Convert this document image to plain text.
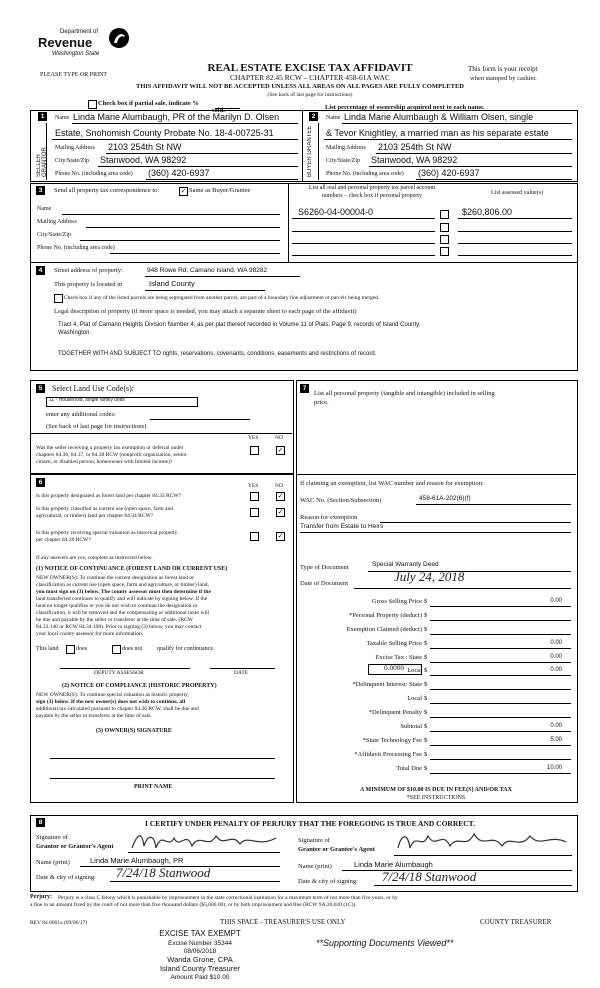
Department of
Revenue
Washington State
PLEASE TYPE OR PRINT
REAL ESTATE EXCISE TAX AFFIDAVIT
CHAPTER 82.45 RCW – CHAPTER 458-61A WAC
THIS AFFIDAVIT WILL NOT BE ACCEPTED UNLESS ALL AREAS ON ALL PAGES ARE FULLY COMPLETED
(See back of last page for instructions)
This form is your receipt
when stamped by cashier.
Check box if partial sale, indicate %
sold.	List percentage of ownership acquired next to each name.
1
SELLER GRANTOR
Name Linda Marie Alumbaugh, PR of the Marilyn D. Olsen
Estate, Snohomish County Probate No. 18-4-00725-31
Mailing Address 2103 254th St NW
City/State/Zip Stanwood, WA 98292
Phone No. (including area code) (360) 420-6937
2
BUYER GRANTEE
Name Linda Marie Alumbaugh & William Olsen, single
& Tevor Knightley, a married man as his separate estate
Mailing Address 2103 254th St NW
City/State/Zip Stanwood, WA 98292
Phone No. (including area code) (360) 420-6937
3	Send all property tax correspondence to:	✓ Same as Buyer/Grantee
Name
Mailing Address
City/State/Zip
Phone No. (including area code)
List all real and personal property tax parcel account
numbers – check box if personal property	List assessed value(s)
S6260-04-00004-0	$260,806.00
4	Street address of property:	948 Rowe Rd, Camano Island, WA 98282
This property is located in	Island County
Check box if any of the listed parcels are being segregated from another parcel, are part of a boundary line adjustment or parcels being merged.
Legal description of property (if more space is needed, you may attach a separate sheet to each page of the affidavit)
Tract 4, Plat of Camano Heights Division Number 4, as per plat thereof recorded in Volume 11 of Plats, Page 9, records of Island County,
Washington.
TOGETHER WITH AND SUBJECT TO rights, reservations, covenants, conditions, easements and restrictions of record.
5	Select Land Use Code(s):
11 - Household, single family units
enter any additional codes:
(See back of last page for instructions)
YES	NO
Was the seller receiving a property tax exemption or deferral under
chapters 84.36, 84.37, or 84.38 RCW (nonprofit organization, senior
citizen, or disabled person, homeowner with limited income)?
✓
6	YES	NO
Is this property designated as forest land per chapter 84.33 RCW?	✓
Is this property classified as current use (open space, farm and
agricultural, or timber) land per chapter 84.34 RCW?	✓
Is this property receiving special valuation as historical property
per chapter 84.26 RCW?	✓
If any answers are yes, complete as instructed below.
(1) NOTICE OF CONTINUANCE (FOREST LAND OR CURRENT USE)
NEW OWNER(S): To continue the current designation as forest land or
classification as current use (open space, farm and agriculture, or timber) land,
you must sign on (3) below. The county assessor must then determine if the
land transferred continues to qualify and will indicate by signing below. If the
land no longer qualifies or you do not wish to continue the designation or
classification, it will be removed and the compensating or additional taxes will
be due and payable by the seller or transferor at the time of sale. (RCW
84.33.140 or RCW 84.34.108). Prior to signing (3) below, you may contact
your local county assessor for more information.
This land	does	does not qualify for continuance.
DEPUTY ASSESSOR	DATE
(2) NOTICE OF COMPLIANCE (HISTORIC PROPERTY)
NEW OWNER(S): To continue special valuation as historic property,
sign (3) below. If the new owner(s) does not wish to continue, all
additional tax calculated pursuant to chapter 84.26 RCW, shall be due and
payable by the seller or transferor at the time of sale.
(3) OWNER(S) SIGNATURE
PRINT NAME
7
List all personal property (tangible and intangible) included in selling
price.
If claiming an exemption, list WAC number and reason for exemption:
WAC No. (Section/Subsection)	458-61A-202(6)(f)
Reason for exemption
Transfer from Estate to Heirs
Type of Document	Special Warranty Deed
Date of Document	July 24, 2018
Gross Selling Price $	0.00
*Personal Property (deduct) $
Exemption Claimed (deduct) $
Taxable Selling Price $	0.00
Excise Tax : State $	0.00
0.0000 Local $	0.00
*Delinquent Interest: State $
Local $
*Delinquent Penalty $
Subtotal $	0.00
*State Technology Fee $	5.00
*Affidavit Processing Fee $
Total Due $	10.00
A MINIMUM OF $10.00 IS DUE IN FEE(S) AND/OR TAX
*SEE INSTRUCTIONS
8	I CERTIFY UNDER PENALTY OF PERJURY THAT THE FOREGOING IS TRUE AND CORRECT.
Signature of
Grantor or Grantor's Agent
Name (print)	Linda Marie Alumbaugh, PR
Date & city of signing: 7/24/18 Stanwood
Signature of
Grantee or Grantee's Agent
Name (print)	Linda Marie Alumbaugh
Date & city of signing: 7/24/18 Stanwood
Perjury: Perjury is a class C felony which is punishable by imprisonment in the state correctional institution for a maximum term of not more than five years, or by
a fine in an amount fixed by the court of not more than five thousand dollars ($5,000.00), or by both imprisonment and fine (RCW 9A.20.020 (1C)).
REV 84 0001a (09/06/17)	THIS SPACE - TREASURER'S USE ONLY	COUNTY TREASURER
EXCISE TAX EXEMPT
Excise Number 35344
08/06/2018
Wanda Grone, CPA
Island County Treasurer
Amount Paid $10.00
**Supporting Documents Viewed**
